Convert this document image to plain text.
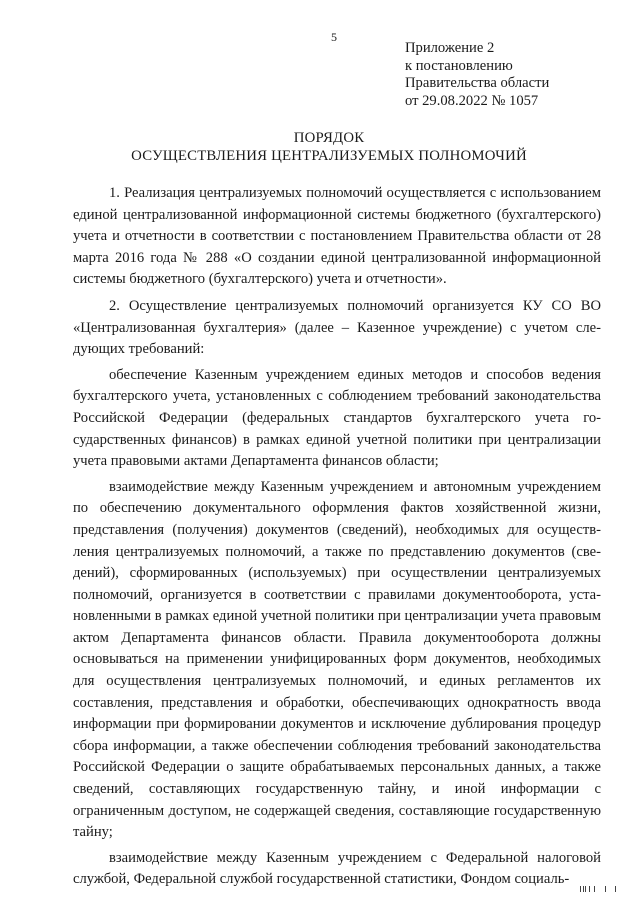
5
Приложение 2
к постановлению
Правительства области
от 29.08.2022 № 1057
ПОРЯДОК
ОСУЩЕСТВЛЕНИЯ ЦЕНТРАЛИЗУЕМЫХ ПОЛНОМОЧИЙ

1. Реализация централизуемых полномочий осуществляется с использованием единой централизованной информационной системы бюджетного (бухгалтерского) учета и отчетности в соответствии с постановлением Правительства области от 28 марта 2016 года № 288 «О создании единой централизованной информационной системы бюджетного (бухгалтерского) учета и отчетности».

2. Осуществление централизуемых полномочий организуется КУ СО ВО «Централизованная бухгалтерия» (далее – Казенное учреждение) с учетом следующих требований:

обеспечение Казенным учреждением единых методов и способов ведения бухгалтерского учета, установленных с соблюдением требований законодательства Российской Федерации (федеральных стандартов бухгалтерского учета государственных финансов) в рамках единой учетной политики при централизации учета правовыми актами Департамента финансов области;

взаимодействие между Казенным учреждением и автономным учреждением по обеспечению документального оформления фактов хозяйственной жизни, представления (получения) документов (сведений), необходимых для осуществления централизуемых полномочий, а также по представлению документов (сведений), сформированных (используемых) при осуществлении централизуемых полномочий, организуется в соответствии с правилами документооборота, установленными в рамках единой учетной политики при централизации учета правовым актом Департамента финансов области. Правила документооборота должны основываться на применении унифицированных форм документов, необходимых для осуществления централизуемых полномочий, и единых регламентов их составления, представления и обработки, обеспечивающих однократность ввода информации при формировании документов и исключение дублирования процедур сбора информации, а также обеспечении соблюдения требований законодательства Российской Федерации о защите обрабатываемых персональных данных, а также сведений, составляющих государственную тайну, и иной информации с ограниченным доступом, не содержащей сведения, составляющие государственную тайну;

взаимодействие между Казенным учреждением с Федеральной налоговой службой, Федеральной службой государственной статистики, Фондом социаль-
